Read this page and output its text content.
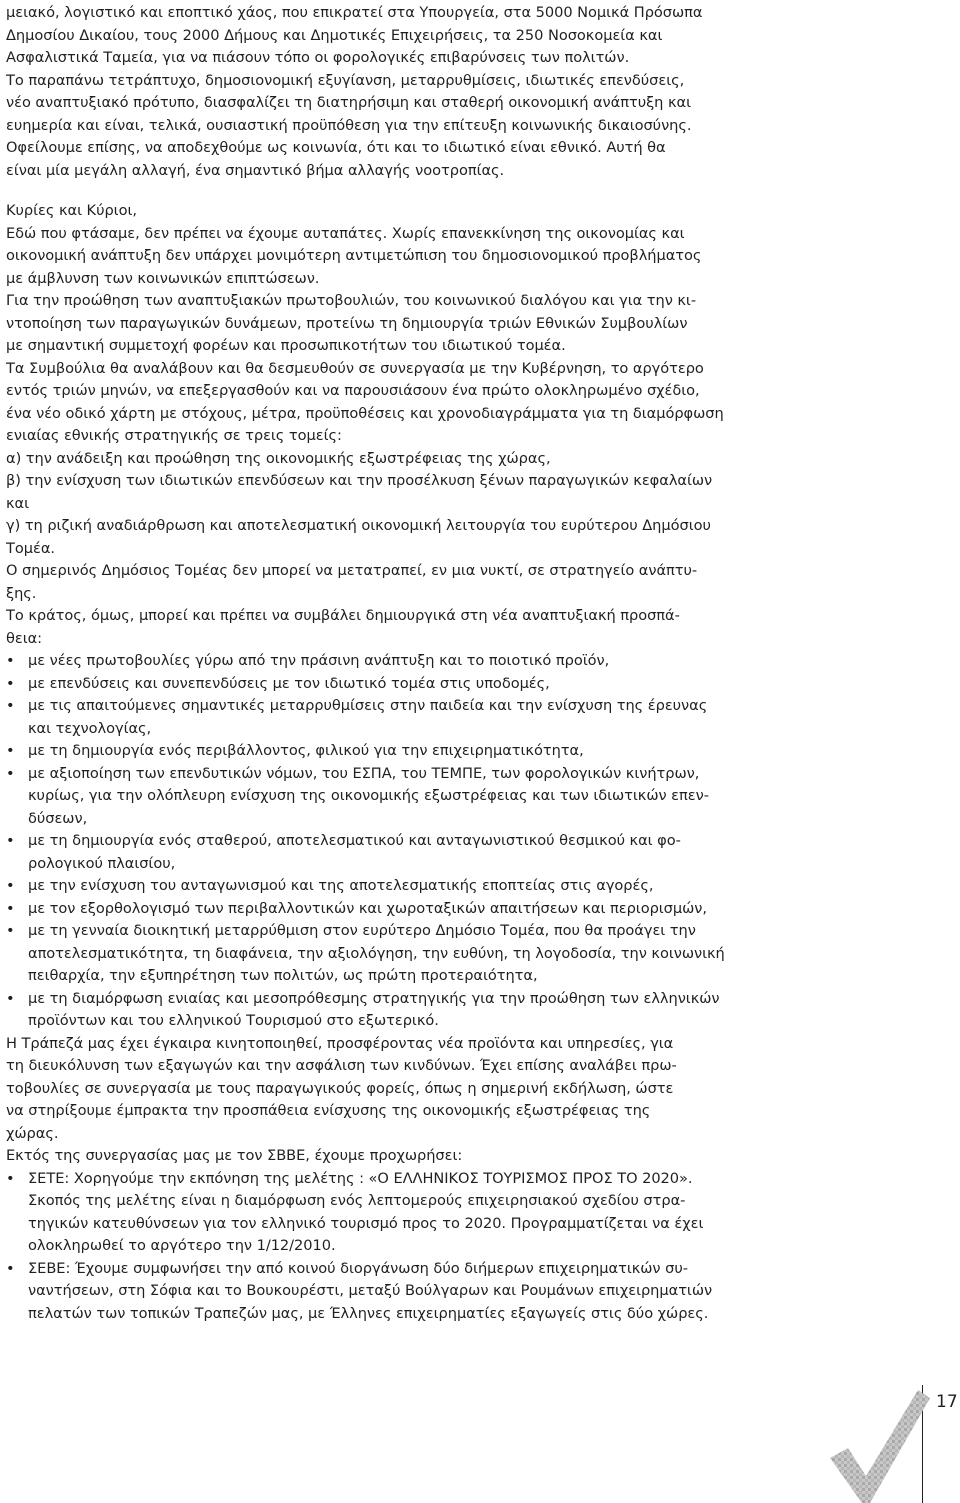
μειακό, λογιστικό και εποπτικό χάος, που επικρατεί στα Υπουργεία, στα 5000 Νομικά Πρόσωπα
Δημοσίου Δικαίου, τους 2000 Δήμους και Δημοτικές Επιχειρήσεις, τα 250 Νοσοκομεία και
Ασφαλιστικά Ταμεία, για να πιάσουν τόπο οι φορολογικές επιβαρύνσεις των πολιτών.
Το παραπάνω τετράπτυχο, δημοσιονομική εξυγίανση, μεταρρυθμίσεις, ιδιωτικές επενδύσεις,
νέο αναπτυξιακό πρότυπο, διασφαλίζει τη διατηρήσιμη και σταθερή οικονομική ανάπτυξη και
ευημερία και είναι, τελικά, ουσιαστική προϋπόθεση για την επίτευξη κοινωνικής δικαιοσύνης.
Οφείλουμε επίσης, να αποδεχθούμε ως κοινωνία, ότι και το ιδιωτικό είναι εθνικό. Αυτή θα
είναι μία μεγάλη αλλαγή, ένα σημαντικό βήμα αλλαγής νοοτροπίας.
Κυρίες και Κύριοι,
Εδώ που φτάσαμε, δεν πρέπει να έχουμε αυταπάτες. Χωρίς επανεκκίνηση της οικονομίας και
οικονομική ανάπτυξη δεν υπάρχει μονιμότερη αντιμετώπιση του δημοσιονομικού προβλήματος
με άμβλυνση των κοινωνικών επιπτώσεων.
Για την προώθηση των αναπτυξιακών πρωτοβουλιών, του κοινωνικού διαλόγου και για την κι-
ντοποίηση των παραγωγικών δυνάμεων, προτείνω τη δημιουργία τριών Εθνικών Συμβουλίων
με σημαντική συμμετοχή φορέων και προσωπικοτήτων του ιδιωτικού τομέα.
Τα Συμβούλια θα αναλάβουν και θα δεσμευθούν σε συνεργασία με την Κυβέρνηση, το αργότερο
εντός τριών μηνών, να επεξεργασθούν και να παρουσιάσουν ένα πρώτο ολοκληρωμένο σχέδιο,
ένα νέο οδικό χάρτη με στόχους, μέτρα, προϋποθέσεις και χρονοδιαγράμματα για τη διαμόρφωση
ενιαίας εθνικής στρατηγικής σε τρεις τομείς:
α) την ανάδειξη και προώθηση της οικονομικής εξωστρέφειας της χώρας,
β) την ενίσχυση των ιδιωτικών επενδύσεων και την προσέλκυση ξένων παραγωγικών κεφαλαίων
και
γ) τη ριζική αναδιάρθρωση και αποτελεσματική οικονομική λειτουργία του ευρύτερου Δημόσιου
Τομέα.
Ο σημερινός Δημόσιος Τομέας δεν μπορεί να μετατραπεί, εν μια νυκτί, σε στρατηγείο ανάπτυ-
ξης.
Το κράτος, όμως, μπορεί και πρέπει να συμβάλει δημιουργικά στη νέα αναπτυξιακή προσπά-
θεια:
• με νέες πρωτοβουλίες γύρω από την πράσινη ανάπτυξη και το ποιοτικό προϊόν,
• με επενδύσεις και συνεπενδύσεις με τον ιδιωτικό τομέα στις υποδομές,
• με τις απαιτούμενες σημαντικές μεταρρυθμίσεις στην παιδεία και την ενίσχυση της έρευνας
και τεχνολογίας,
• με τη δημιουργία ενός περιβάλλοντος, φιλικού για την επιχειρηματικότητα,
• με αξιοποίηση των επενδυτικών νόμων, του ΕΣΠΑ, του ΤΕΜΠΕ, των φορολογικών κινήτρων,
κυρίως, για την ολόπλευρη ενίσχυση της οικονομικής εξωστρέφειας και των ιδιωτικών επεν-
δύσεων,
• με τη δημιουργία ενός σταθερού, αποτελεσματικού και ανταγωνιστικού θεσμικού και φο-
ρολογικού πλαισίου,
• με την ενίσχυση του ανταγωνισμού και της αποτελεσματικής εποπτείας στις αγορές,
• με τον εξορθολογισμό των περιβαλλοντικών και χωροταξικών απαιτήσεων και περιορισμών,
• με τη γενναία διοικητική μεταρρύθμιση στον ευρύτερο Δημόσιο Τομέα, που θα προάγει την
αποτελεσματικότητα, τη διαφάνεια, την αξιολόγηση, την ευθύνη, τη λογοδοσία, την κοινωνική
πειθαρχία, την εξυπηρέτηση των πολιτών, ως πρώτη προτεραιότητα,
• με τη διαμόρφωση ενιαίας και μεσοπρόθεσμης στρατηγικής για την προώθηση των ελληνικών
προϊόντων και του ελληνικού Τουρισμού στο εξωτερικό.
Η Τράπεζά μας έχει έγκαιρα κινητοποιηθεί, προσφέροντας νέα προϊόντα και υπηρεσίες, για
τη διευκόλυνση των εξαγωγών και την ασφάλιση των κινδύνων. Έχει επίσης αναλάβει πρω-
τοβουλίες σε συνεργασία με τους παραγωγικούς φορείς, όπως η σημερινή εκδήλωση, ώστε
να στηρίξουμε έμπρακτα την προσπάθεια ενίσχυσης της οικονομικής εξωστρέφειας της
χώρας.
Εκτός της συνεργασίας μας με τον ΣΒΒΕ, έχουμε προχωρήσει:
• ΣΕΤΕ: Χορηγούμε την εκπόνηση της μελέτης : «Ο ΕΛΛΗΝΙΚΟΣ ΤΟΥΡΙΣΜΟΣ ΠΡΟΣ ΤΟ 2020».
Σκοπός της μελέτης είναι η διαμόρφωση ενός λεπτομερούς επιχειρησιακού σχεδίου στρα-
τηγικών κατευθύνσεων για τον ελληνικό τουρισμό προς το 2020. Προγραμματίζεται να έχει
ολοκληρωθεί το αργότερο την 1/12/2010.
• ΣΕΒΕ: Έχουμε συμφωνήσει την από κοινού διοργάνωση δύο διήμερων επιχειρηματικών συ-
ναντήσεων, στη Σόφια και το Βουκουρέστι, μεταξύ Βούλγαρων και Ρουμάνων επιχειρηματιών
πελατών των τοπικών Τραπεζών μας, με Έλληνες επιχειρηματίες εξαγωγείς στις δύο χώρες.
17
